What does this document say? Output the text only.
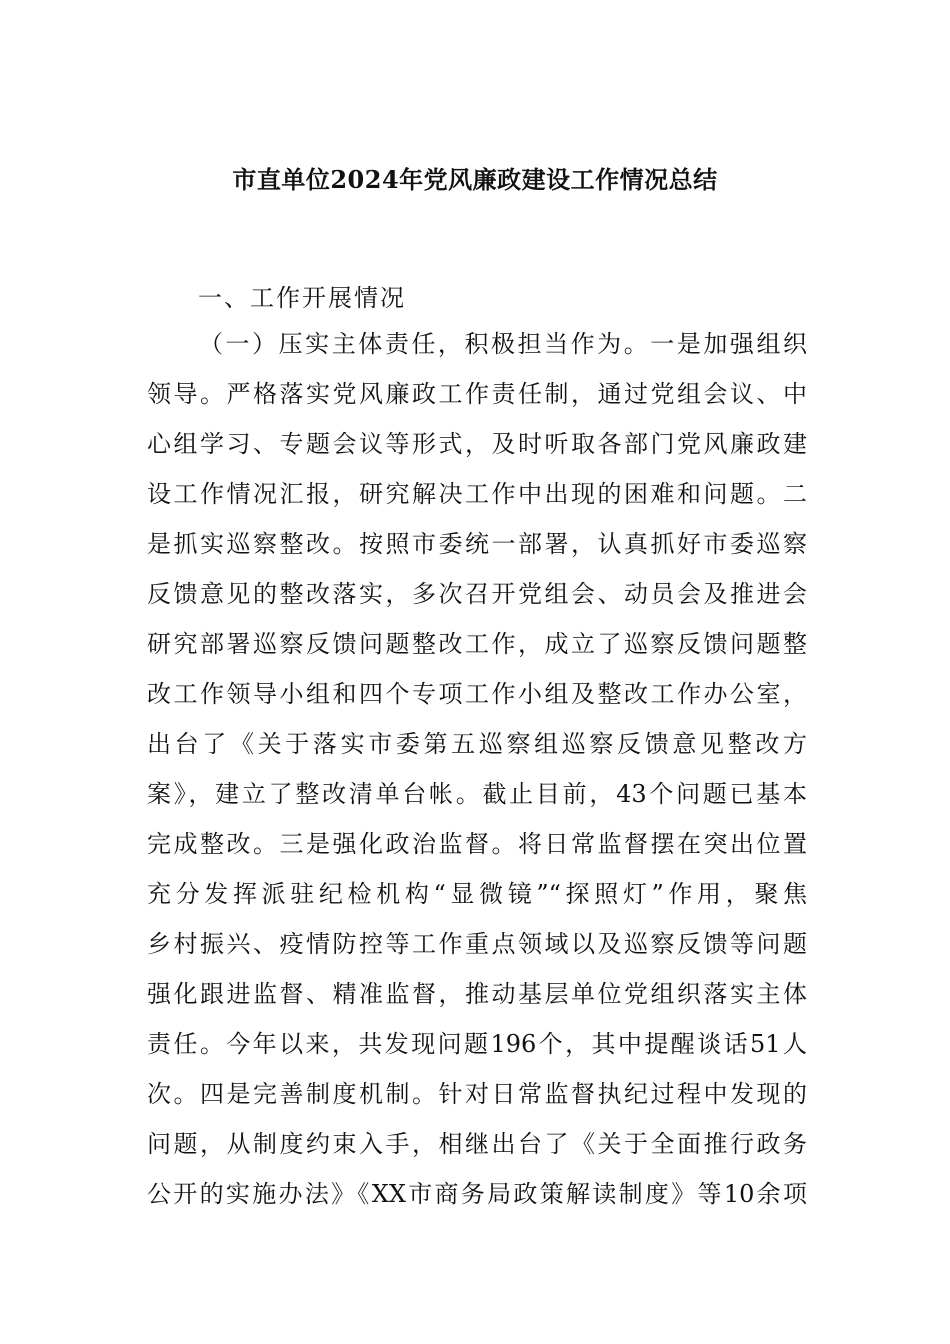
市直单位2024年党风廉政建设工作情况总结
一、工作开展情况
（一）压实主体责任，积极担当作为。一是加强组织
领导。严格落实党风廉政工作责任制，通过党组会议、中
心组学习、专题会议等形式，及时听取各部门党风廉政建
设工作情况汇报，研究解决工作中出现的困难和问题。二
是抓实巡察整改。按照市委统一部署，认真抓好市委巡察
反馈意见的整改落实，多次召开党组会、动员会及推进会
研究部署巡察反馈问题整改工作，成立了巡察反馈问题整
改工作领导小组和四个专项工作小组及整改工作办公室，
出台了《关于落实市委第五巡察组巡察反馈意见整改方
案》，建立了整改清单台帐。截止目前，43个问题已基本
完成整改。三是强化政治监督。将日常监督摆在突出位置
充分发挥派驻纪检机构“显微镜”“探照灯”作用，聚焦
乡村振兴、疫情防控等工作重点领域以及巡察反馈等问题
强化跟进监督、精准监督，推动基层单位党组织落实主体
责任。今年以来，共发现问题196个，其中提醒谈话51人
次。四是完善制度机制。针对日常监督执纪过程中发现的
问题，从制度约束入手，相继出台了《关于全面推行政务
公开的实施办法》《XX市商务局政策解读制度》等10余项
